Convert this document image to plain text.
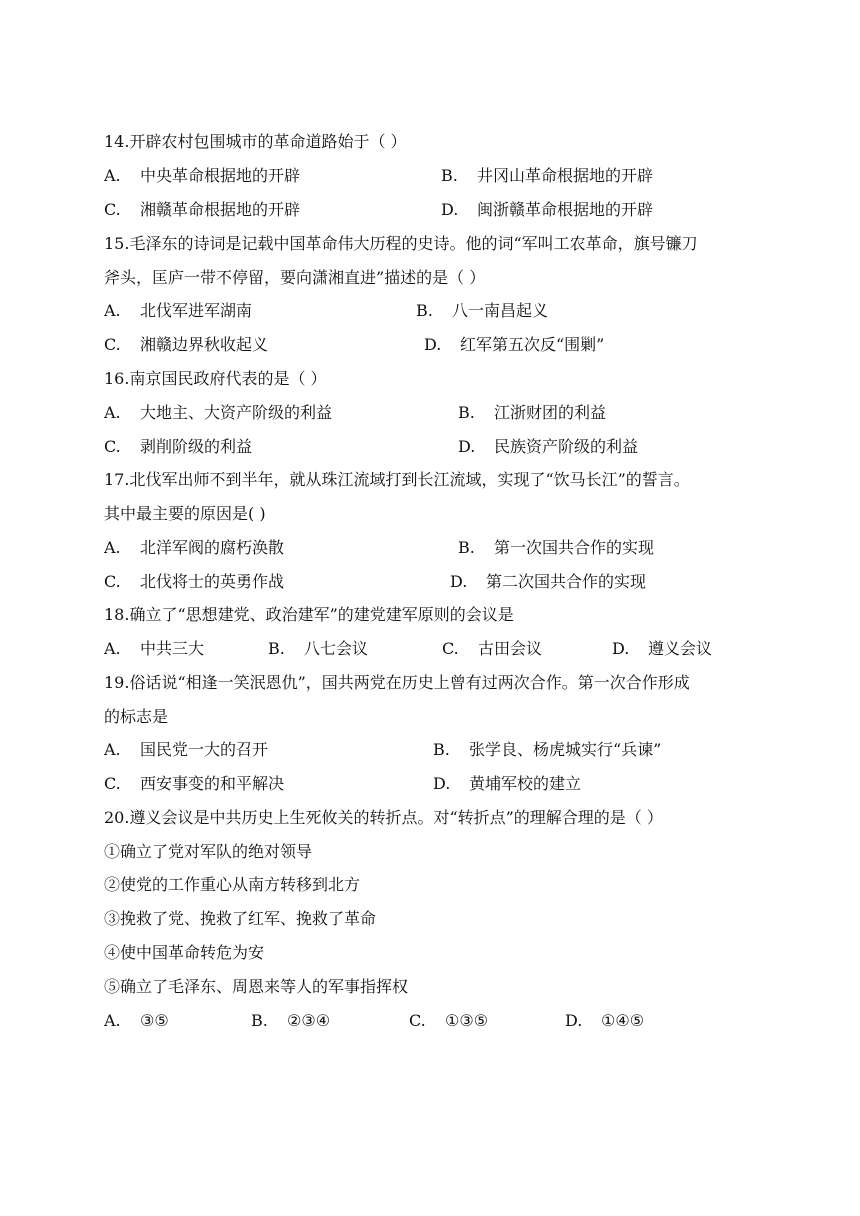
14.开辟农村包围城市的革命道路始于（ ）
A. 中央革命根据地的开辟	B. 井冈山革命根据地的开辟
C. 湘赣革命根据地的开辟	D. 闽浙赣革命根据地的开辟
15.毛泽东的诗词是记载中国革命伟大历程的史诗。他的词“军叫工农革命，旗号镰刀
斧头，匡庐一带不停留，要向潇湘直进”描述的是（ ）
A. 北伐军进军湖南	B. 八一南昌起义
C. 湘赣边界秋收起义	D. 红军第五次反“围剿”
16.南京国民政府代表的是（ ）
A. 大地主、大资产阶级的利益	B. 江浙财团的利益
C. 剥削阶级的利益	D. 民族资产阶级的利益
17.北伐军出师不到半年，就从珠江流域打到长江流域，实现了“饮马长江”的誓言。
其中最主要的原因是( )
A. 北洋军阀的腐朽涣散	B. 第一次国共合作的实现
C. 北伐将士的英勇作战	D. 第二次国共合作的实现
18.确立了“思想建党、政治建军”的建党建军原则的会议是
A. 中共三大	B. 八七会议	C. 古田会议	D. 遵义会议
19.俗话说“相逢一笑泯恩仇”，国共两党在历史上曾有过两次合作。第一次合作形成
的标志是
A. 国民党一大的召开	B. 张学良、杨虎城实行“兵谏”
C. 西安事变的和平解决	D. 黄埔军校的建立
20.遵义会议是中共历史上生死攸关的转折点。对“转折点”的理解合理的是（ ）
①确立了党对军队的绝对领导
②使党的工作重心从南方转移到北方
③挽救了党、挽救了红军、挽救了革命
④使中国革命转危为安
⑤确立了毛泽东、周恩来等人的军事指挥权
A. ③⑤	B. ②③④	C. ①③⑤	D. ①④⑤
